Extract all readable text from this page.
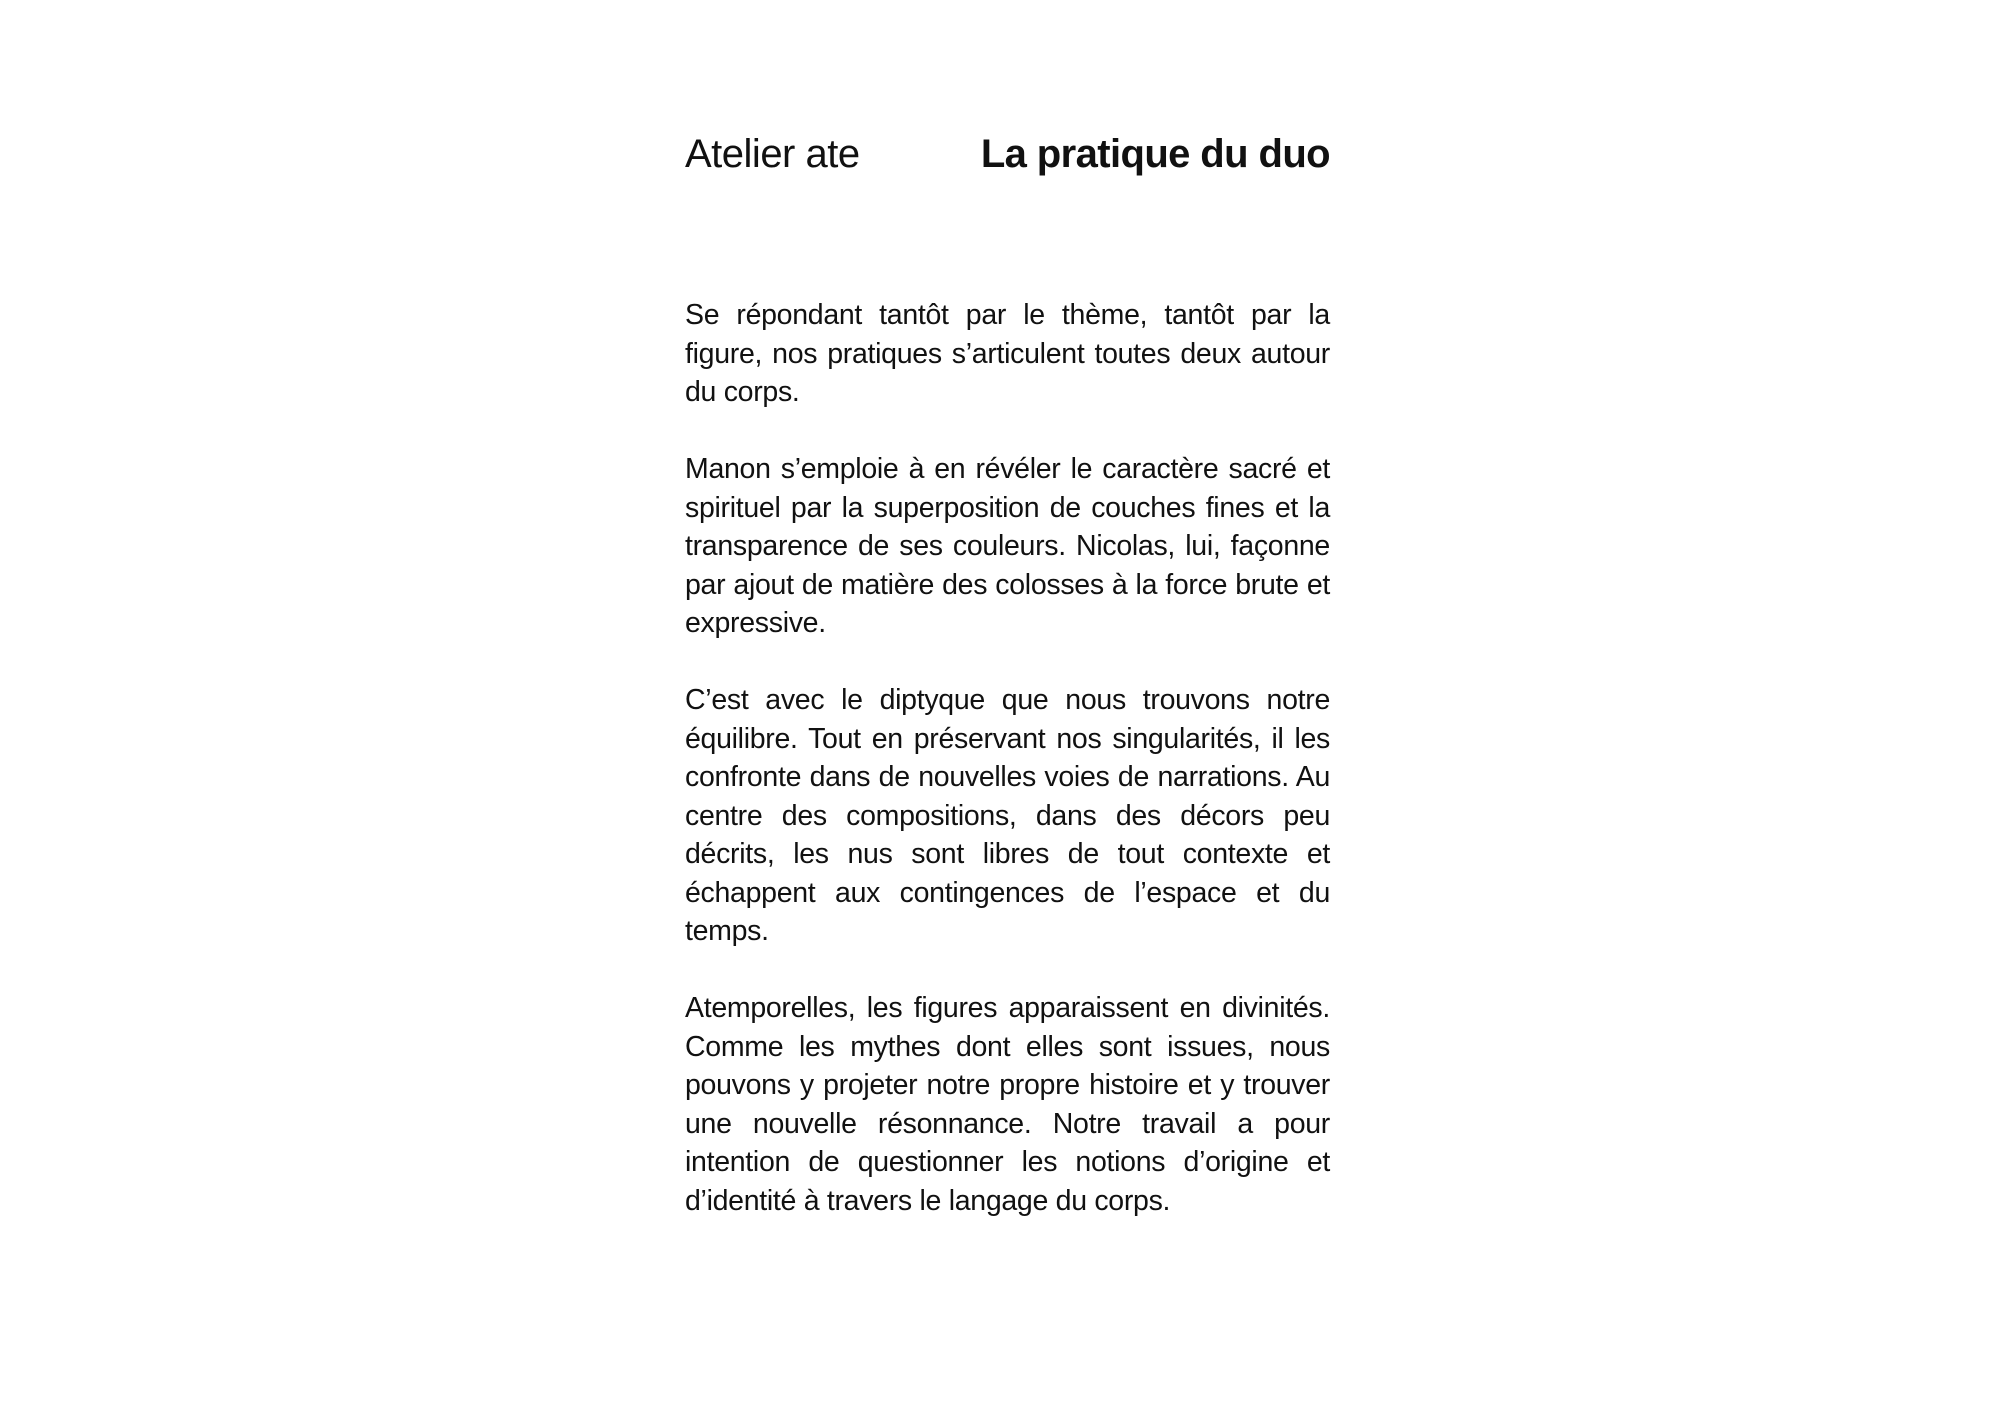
Atelier ate	La pratique du duo

Se répondant tantôt par le thème, tantôt par la figure, nos pratiques s’articulent toutes deux autour du corps.

Manon s’emploie à en révéler le caractère sacré et spirituel par la superposition de couches fines et la transparence de ses couleurs. Nicolas, lui, façonne par ajout de matière des colosses à la force brute et expressive.

C’est avec le diptyque que nous trouvons notre équilibre. Tout en préservant nos singularités, il les confronte dans de nouvelles voies de narrations. Au centre des compositions, dans des décors peu décrits, les nus sont libres de tout contexte et échappent aux contingences de l’espace et du temps.

Atemporelles, les figures apparaissent en divinités. Comme les mythes dont elles sont issues, nous pouvons y projeter notre propre histoire et y trouver une nouvelle résonnance. Notre travail a pour intention de questionner les notions d’origine et d’identité à travers le langage du corps.
